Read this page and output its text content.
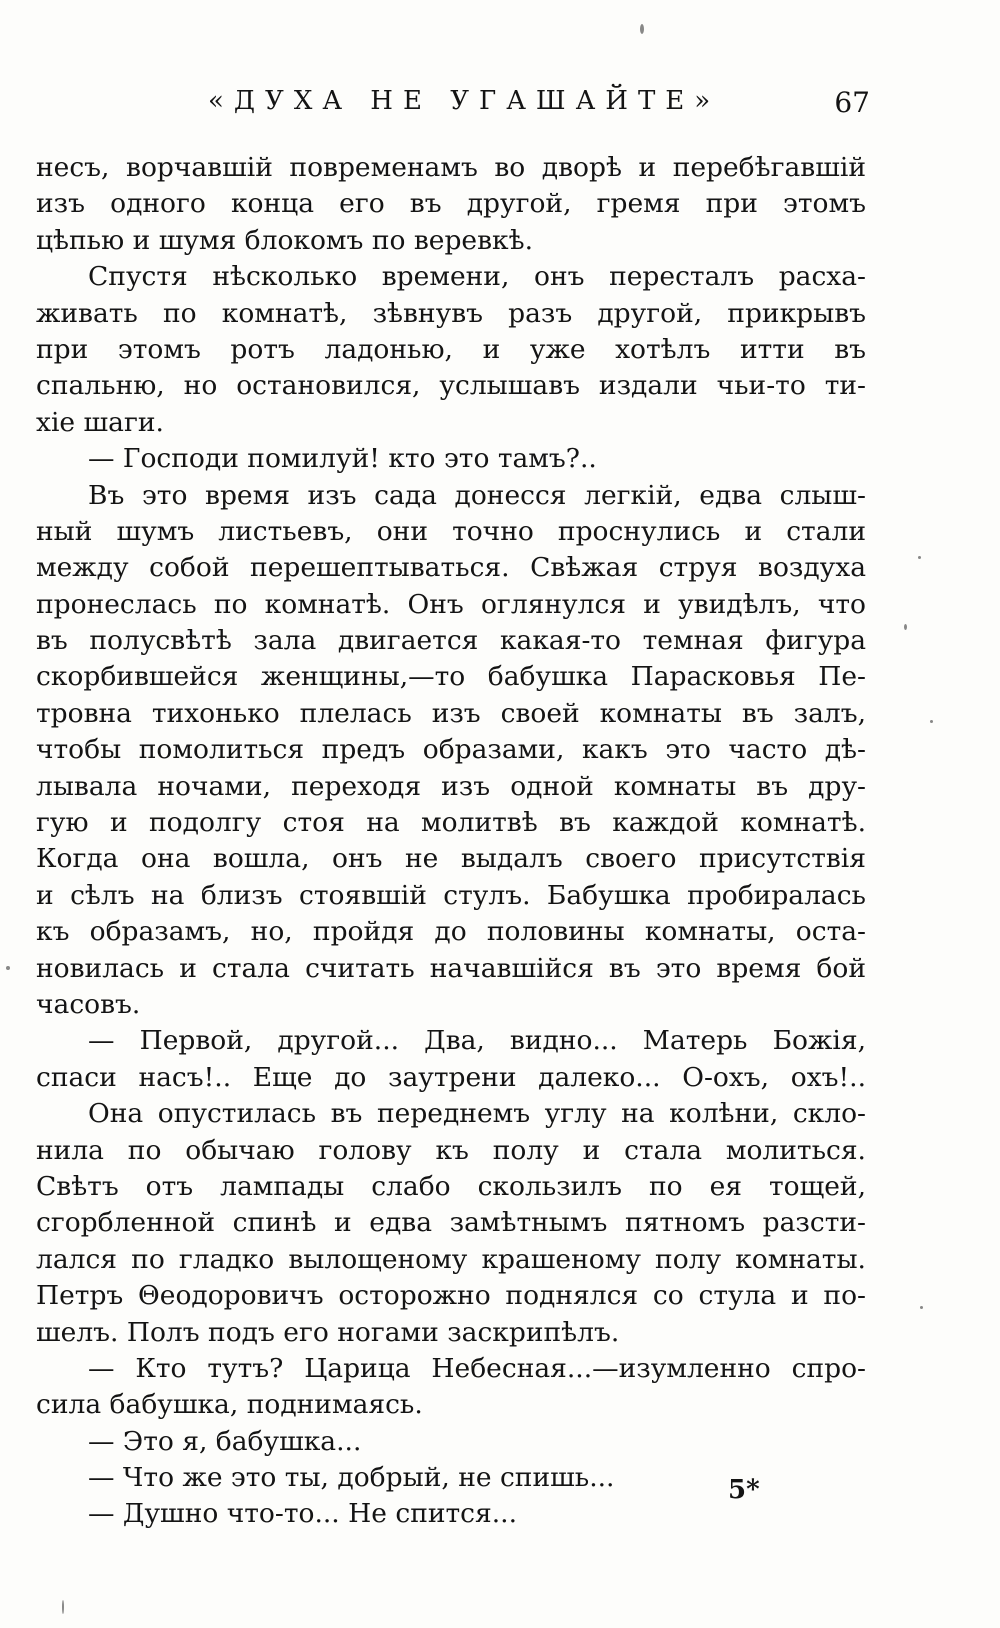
«ДУХА НЕ УГАШАЙТЕ»	67
несъ, ворчавшій повременамъ во дворѣ и перебѣгавшій
изъ одного конца его въ другой, гремя при этомъ
цѣпью и шумя блокомъ по веревкѣ.
Спустя нѣсколько времени, онъ пересталъ расха-
живать по комнатѣ, зѣвнувъ разъ другой, прикрывъ
при этомъ ротъ ладонью, и уже хотѣлъ итти въ
спальню, но остановился, услышавъ издали чьи-то ти-
хіе шаги.
— Господи помилуй! кто это тамъ?..
Въ это время изъ сада донесся легкій, едва слыш-
ный шумъ листьевъ, они точно проснулись и стали
между собой перешептываться. Свѣжая струя воздуха
пронеслась по комнатѣ. Онъ оглянулся и увидѣлъ, что
въ полусвѣтѣ зала двигается какая-то темная фигура
скорбившейся женщины,—то бабушка Парасковья Пе-
тровна тихонько плелась изъ своей комнаты въ залъ,
чтобы помолиться предъ образами, какъ это часто дѣ-
лывала ночами, переходя изъ одной комнаты въ дру-
гую и подолгу стоя на молитвѣ въ каждой комнатѣ.
Когда она вошла, онъ не выдалъ своего присутствія
и сѣлъ на близъ стоявшій стулъ. Бабушка пробиралась
къ образамъ, но, пройдя до половины комнаты, оста-
новилась и стала считать начавшійся въ это время бой
часовъ.
— Первой, другой... Два, видно... Матерь Божія,
спаси насъ!.. Еще до заутрени далеко... О-охъ, охъ!..
Она опустилась въ переднемъ углу на колѣни, скло-
нила по обычаю голову къ полу и стала молиться.
Свѣтъ отъ лампады слабо скользилъ по ея тощей,
сгорбленной спинѣ и едва замѣтнымъ пятномъ разсти-
лался по гладко вылощеному крашеному полу комнаты.
Петръ Θеодоровичъ осторожно поднялся со стула и по-
шелъ. Полъ подъ его ногами заскрипѣлъ.
— Кто тутъ? Царица Небесная...—изумленно спро-
сила бабушка, поднимаясь.
— Это я, бабушка...
— Что же это ты, добрый, не спишь...
— Душно что-то... Не спится...
5*
